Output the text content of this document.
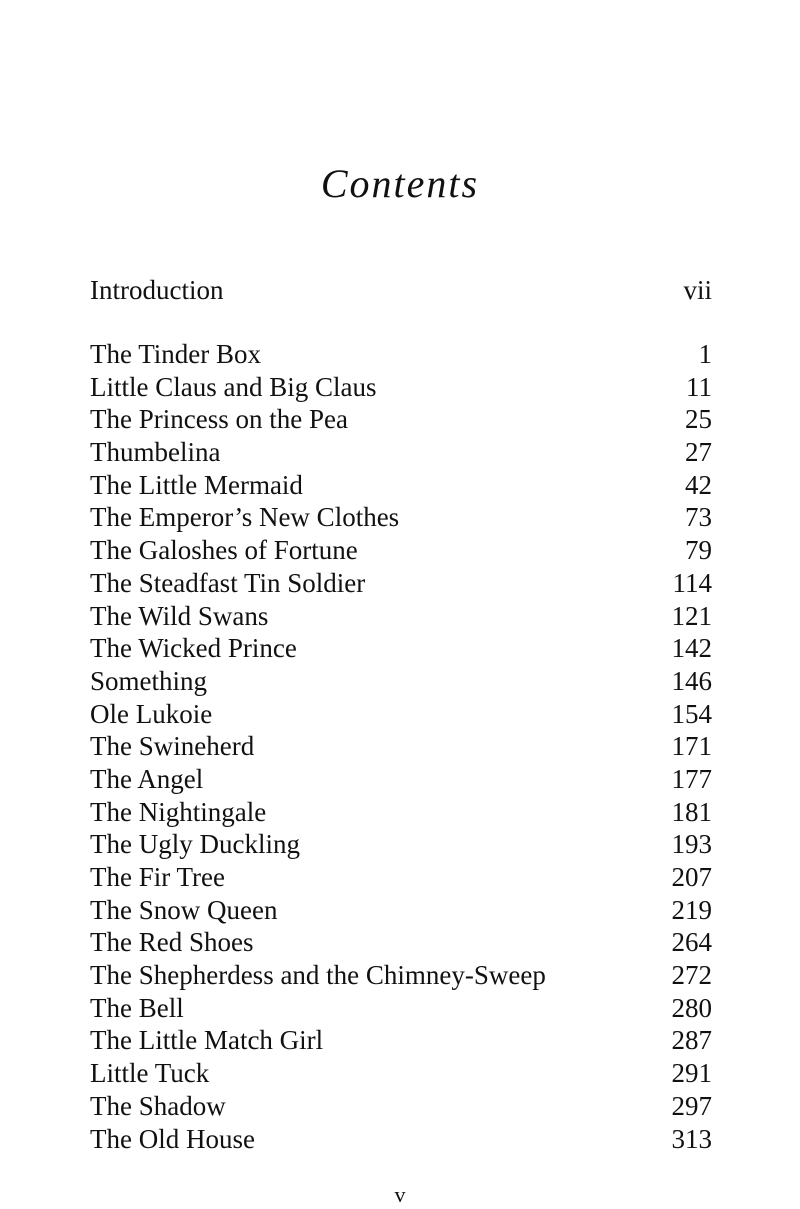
Contents
Introduction	vii
The Tinder Box	1
Little Claus and Big Claus	11
The Princess on the Pea	25
Thumbelina	27
The Little Mermaid	42
The Emperor’s New Clothes	73
The Galoshes of Fortune	79
The Steadfast Tin Soldier	114
The Wild Swans	121
The Wicked Prince	142
Something	146
Ole Lukoie	154
The Swineherd	171
The Angel	177
The Nightingale	181
The Ugly Duckling	193
The Fir Tree	207
The Snow Queen	219
The Red Shoes	264
The Shepherdess and the Chimney-Sweep	272
The Bell	280
The Little Match Girl	287
Little Tuck	291
The Shadow	297
The Old House	313
v
